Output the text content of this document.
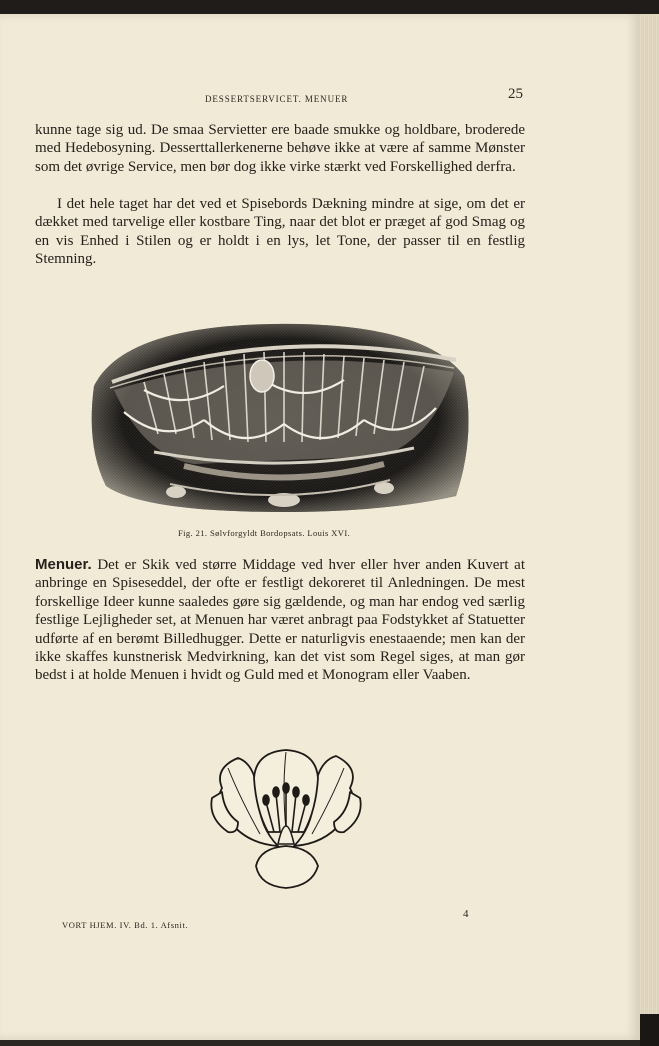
DESSERTSERVICET. MENUER	25
kunne tage sig ud. De smaa Servietter ere baade smukke og holdbare, broderede med Hedebosyning. Desserttallerkenerne behøve ikke at være af samme Mønster som det øvrige Service, men bør dog ikke virke stærkt ved Forskellighed derfra.
I det hele taget har det ved et Spisebords Dækning mindre at sige, om det er dækket med tarvelige eller kostbare Ting, naar det blot er præget af god Smag og en vis Enhed i Stilen og er holdt i en lys, let Tone, der passer til en festlig Stemning.
Fig. 21. Sølvforgyldt Bordopsats. Louis XVI.
Menuer. Det er Skik ved større Middage ved hver eller hver anden Kuvert at anbringe en Spiseseddel, der ofte er festligt dekoreret til Anledningen. De mest forskellige Ideer kunne saaledes gøre sig gældende, og man har endog ved særlig festlige Lejligheder set, at Menuen har været anbragt paa Fodstykket af Statuetter udførte af en berømt Billedhugger. Dette er naturligvis enestaaende; men kan der ikke skaffes kunstnerisk Medvirkning, kan det vist som Regel siges, at man gør bedst i at holde Menuen i hvidt og Guld med et Monogram eller Vaaben.
VORT HJEM. IV. Bd. 1. Afsnit.
4
